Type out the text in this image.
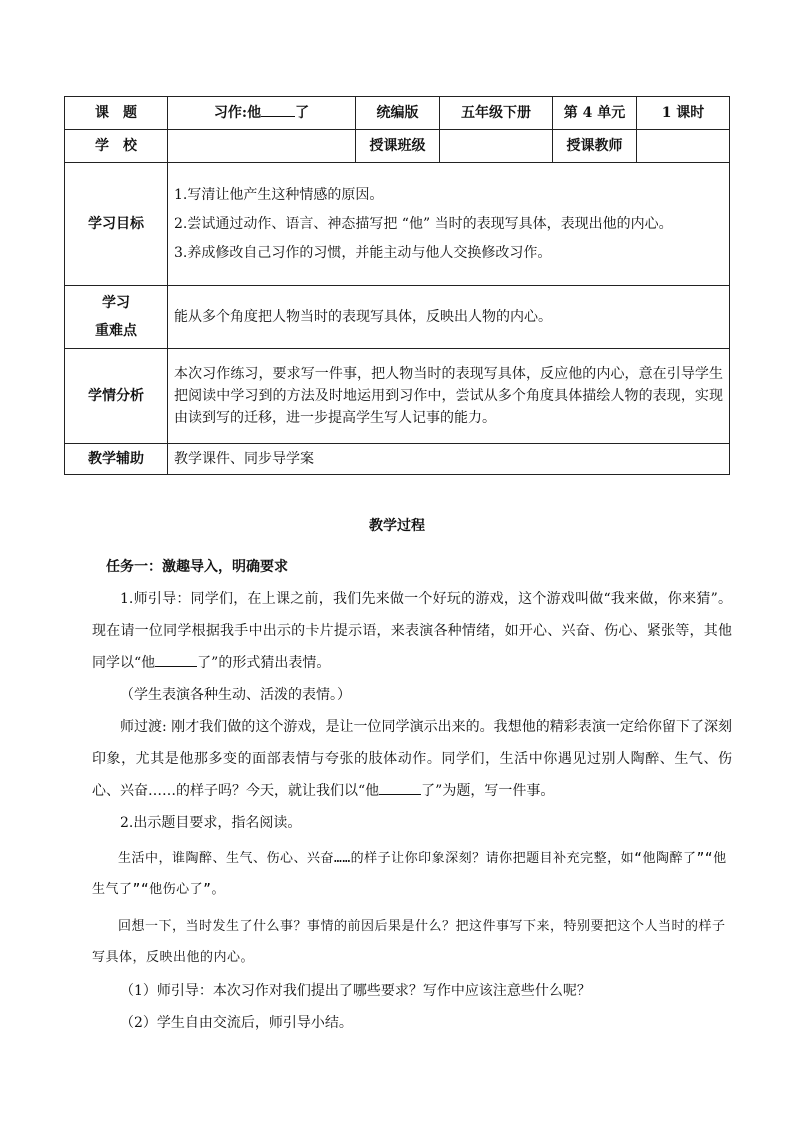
课　题	习作:他 了	统编版	五年级下册	第 4 单元	1 课时
学　校		授课班级		授课教师	
学习目标	1.写清让他产生这种情感的原因。
2.尝试通过动作、语言、神态描写把 “他” 当时的表现写具体，表现出他的内心。
3.养成修改自己习作的习惯，并能主动与他人交换修改习作。				

学习
重难点	能从多个角度把人物当时的表现写具体，反映出人物的内心。				
学情分析	本次习作练习，要求写一件事，把人物当时的表现写具体，反应他的内心，意在引导学生把阅读中学习到的方法及时地运用到习作中，尝试从多个角度具体描绘人物的表现，实现由读到写的迁移，进一步提高学生写人记事的能力。				
教学辅助	教学课件、同步导学案				
教学过程
任务一：激趣导入，明确要求

1.师引导：同学们，在上课之前，我们先来做一个好玩的游戏，这个游戏叫做“我来做，你来猜”。现在请一位同学根据我手中出示的卡片提示语，来表演各种情绪，如开心、兴奋、伤心、紧张等，其他同学以“他	了”的形式猜出表情。

（学生表演各种生动、活泼的表情。）

师过渡: 刚才我们做的这个游戏，是让一位同学演示出来的。我想他的精彩表演一定给你留下了深刻印象，尤其是他那多变的面部表情与夸张的肢体动作。同学们，生活中你遇见过别人陶醉、生气、伤心、兴奋……的样子吗？今天，就让我们以“他	了”为题，写一件事。

2.出示题目要求，指名阅读。

生活中，谁陶醉、生气、伤心、兴奋……的样子让你印象深刻？请你把题目补充完整，如“他陶醉了”“他生气了”“他伤心了”。

回想一下，当时发生了什么事？事情的前因后果是什么？把这件事写下来，特别要把这个人当时的样子写具体，反映出他的内心。

（1）师引导：本次习作对我们提出了哪些要求？写作中应该注意些什么呢？

（2）学生自由交流后，师引导小结。
